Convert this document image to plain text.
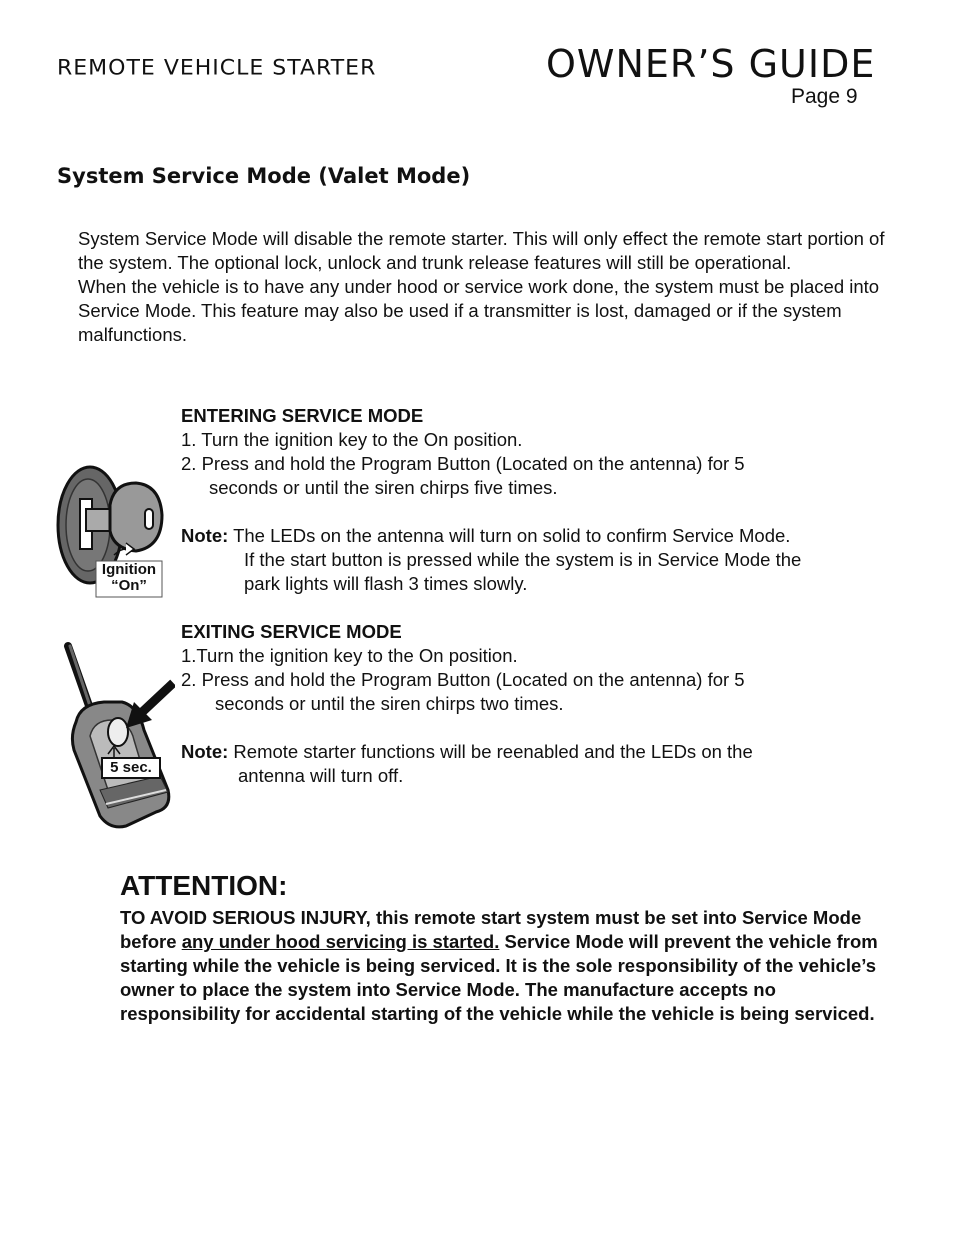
REMOTE VEHICLE STARTER	OWNER’S GUIDE
Page 9
System Service Mode (Valet Mode)

System Service Mode will disable the remote starter. This will only effect the remote start portion of the system. The optional lock, unlock and trunk release features will still be operational.

When the vehicle is to have any under hood or service work done, the system must be placed into Service Mode. This feature may also be used if a transmitter is lost, damaged or if the system malfunctions.

Ignition
“On”
5 sec.
ENTERING SERVICE MODE
1. Turn the ignition key to the On position.
2. Press and hold the Program Button (Located on the antenna) for 5
seconds or until the siren chirps five times.
Note: The LEDs on the antenna will turn on solid to confirm Service Mode.
If the start button is pressed while the system is in Service Mode the
park lights will flash 3 times slowly.
EXITING SERVICE MODE
1.Turn the ignition key to the On position.
2. Press and hold the Program Button (Located on the antenna) for 5
seconds or until the siren chirps two times.
Note: Remote starter functions will be reenabled and the LEDs on the
antenna will turn off.
ATTENTION:
TO AVOID SERIOUS INJURY, this remote start system must be set into Service Mode before any under hood servicing is started. Service Mode will prevent the vehicle from starting while the vehicle is being serviced. It is the sole responsibility of the vehicle’s owner to place the system into Service Mode. The manufacture accepts no responsibility for accidental starting of the vehicle while the vehicle is being serviced.
